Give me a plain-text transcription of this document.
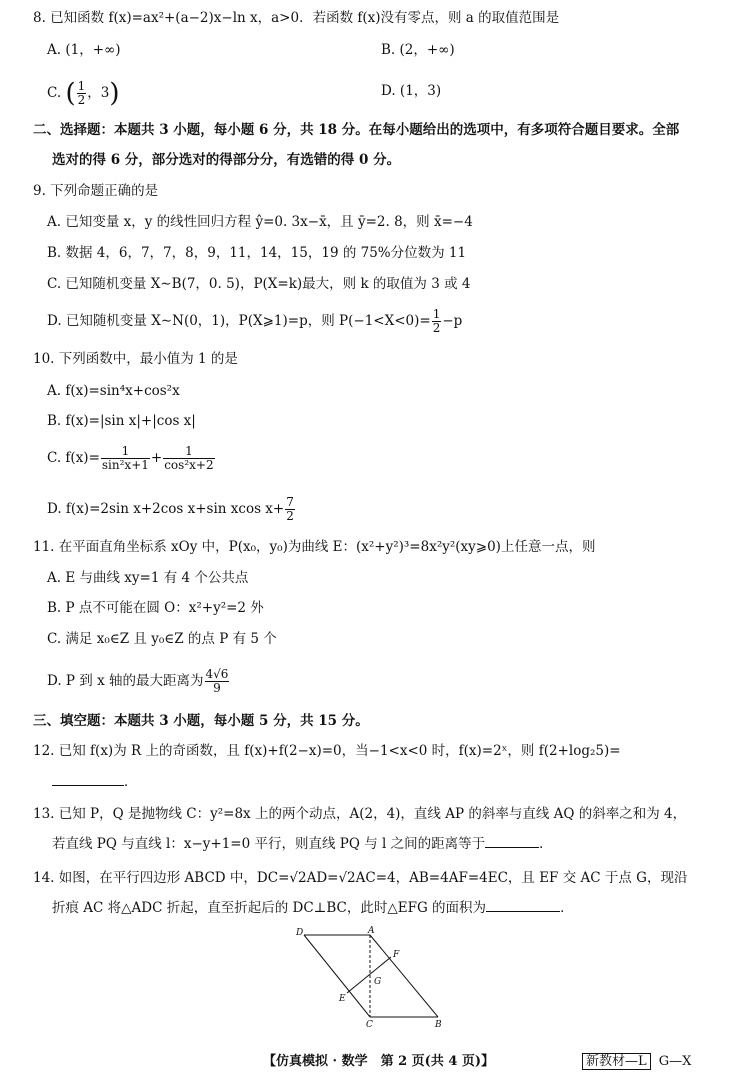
8. 已知函数 f(x)=ax²+(a−2)x−ln x，a>0．若函数 f(x)没有零点，则 a 的取值范围是
A. (1，+∞)	B. (2，+∞)
C. ( $\frac{1}{2}$ ，3)	D. (1，3)
二、选择题：本题共 3 小题，每小题 6 分，共 18 分。在每小题给出的选项中，有多项符合题目要求。全部
选对的得 6 分，部分选对的得部分分，有选错的得 0 分。
9. 下列命题正确的是
A. 已知变量 x，y 的线性回归方程 ŷ=0. 3x−x̄，且 ȳ=2. 8，则 x̄=−4
B. 数据 4，6，7，7，8，9，11，14，15，19 的 75%分位数为 11
C. 已知随机变量 X∼B(7，0. 5)，P(X=k)最大，则 k 的取值为 3 或 4
D. 已知随机变量 X∼N(0，1)，P(X⩾1)=p，则 $P(-1<X<0)= \frac{1}{2} -p$
10. 下列函数中，最小值为 1 的是
A. f(x)=sin⁴x+cos²x
B. f(x)=|sin x|+|cos x|
C. $f(x)= \frac{1}{\text{sin²x+1}} + \frac{1}{\text{cos²x+2}}$
D. f(x)=2sin x+2cos x+sin xcos $x+ \frac{7}{2}$
11. 在平面直角坐标系 xOy 中，P(x₀，y₀)为曲线 E：(x²+y²)³=8x²y²(xy⩾0)上任意一点，则
A. E 与曲线 xy=1 有 4 个公共点
B. P 点不可能在圆 O：x²+y²=2 外
C. 满足 x₀∈Z 且 y₀∈Z 的点 P 有 5 个
D. P 到 x 轴的最大距离为 $\frac{4√6}{9}$
三、填空题：本题共 3 小题，每小题 5 分，共 15 分。
12. 已知 f(x)为 R 上的奇函数，且 f(x)+f(2−x)=0，当−1<x<0 时，f(x)=2ˣ，则 f(2+log₂5)=
．
13. 已知 P，Q 是抛物线 C：y²=8x 上的两个动点，A(2，4)，直线 AP 的斜率与直线 AQ 的斜率之和为 4，
若直线 PQ 与直线 l：x−y+1=0 平行，则直线 PQ 与 l 之间的距离等于	．
14. 如图，在平行四边形 ABCD 中，DC=√2AD=√2AC=4，AB=4AF=4EC，且 EF 交 AC 于点 G，现沿
折痕 AC 将△ADC 折起，直至折起后的 DC⊥BC，此时△EFG 的面积为	．
D	A
F
G
E
C	B
【仿真模拟 · 数学　第 2 页(共 4 页)】	新教材—L G—X
